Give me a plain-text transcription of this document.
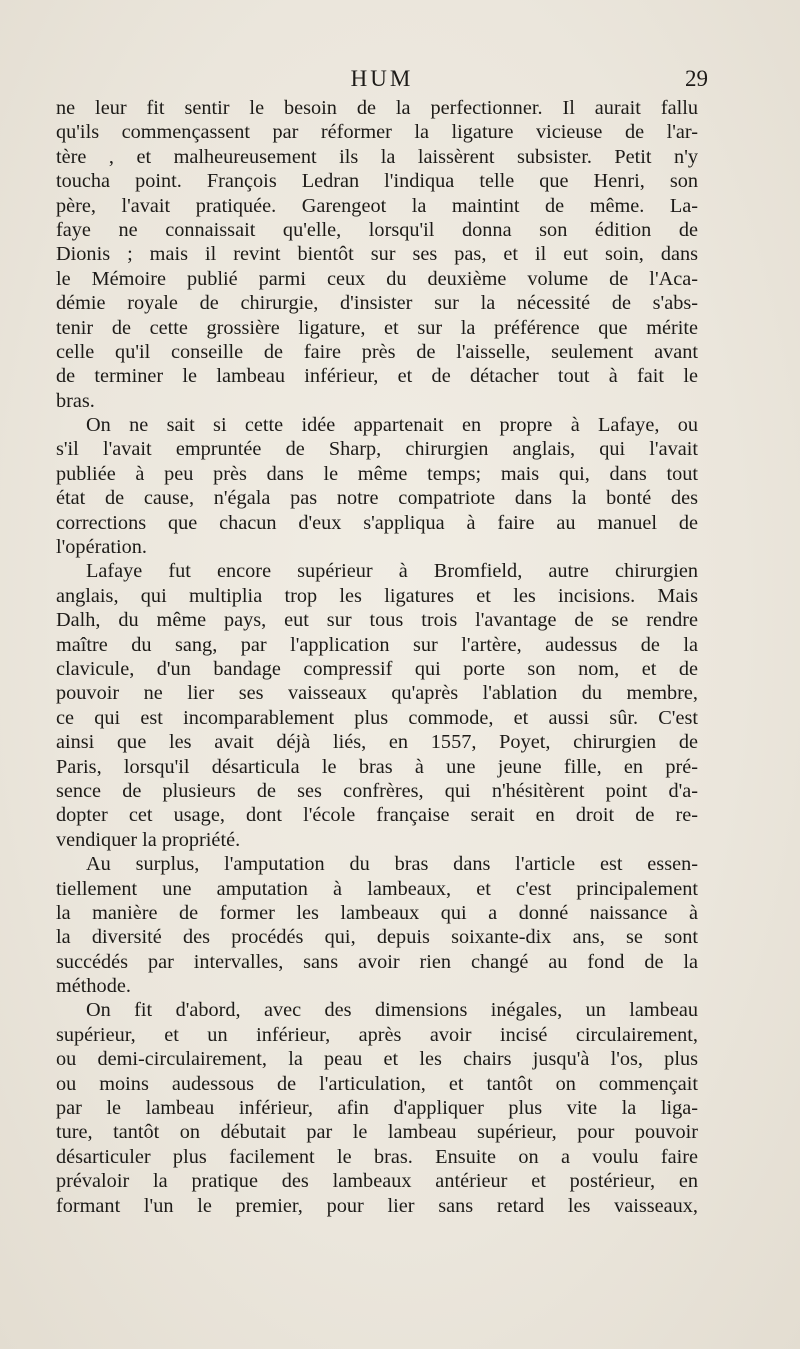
HUM	29
ne leur fit sentir le besoin de la perfectionner. Il aurait fallu
qu'ils commençassent par réformer la ligature vicieuse de l'ar-
tère , et malheureusement ils la laissèrent subsister. Petit n'y
toucha point. François Ledran l'indiqua telle que Henri, son
père, l'avait pratiquée. Garengeot la maintint de même. La-
faye ne connaissait qu'elle, lorsqu'il donna son édition de
Dionis ; mais il revint bientôt sur ses pas, et il eut soin, dans
le Mémoire publié parmi ceux du deuxième volume de l'Aca-
démie royale de chirurgie, d'insister sur la nécessité de s'abs-
tenir de cette grossière ligature, et sur la préférence que mérite
celle qu'il conseille de faire près de l'aisselle, seulement avant
de terminer le lambeau inférieur, et de détacher tout à fait le
bras.
On ne sait si cette idée appartenait en propre à Lafaye, ou
s'il l'avait empruntée de Sharp, chirurgien anglais, qui l'avait
publiée à peu près dans le même temps; mais qui, dans tout
état de cause, n'égala pas notre compatriote dans la bonté des
corrections que chacun d'eux s'appliqua à faire au manuel de
l'opération.
Lafaye fut encore supérieur à Bromfield, autre chirurgien
anglais, qui multiplia trop les ligatures et les incisions. Mais
Dalh, du même pays, eut sur tous trois l'avantage de se rendre
maître du sang, par l'application sur l'artère, audessus de la
clavicule, d'un bandage compressif qui porte son nom, et de
pouvoir ne lier ses vaisseaux qu'après l'ablation du membre,
ce qui est incomparablement plus commode, et aussi sûr. C'est
ainsi que les avait déjà liés, en 1557, Poyet, chirurgien de
Paris, lorsqu'il désarticula le bras à une jeune fille, en pré-
sence de plusieurs de ses confrères, qui n'hésitèrent point d'a-
dopter cet usage, dont l'école française serait en droit de re-
vendiquer la propriété.
Au surplus, l'amputation du bras dans l'article est essen-
tiellement une amputation à lambeaux, et c'est principalement
la manière de former les lambeaux qui a donné naissance à
la diversité des procédés qui, depuis soixante-dix ans, se sont
succédés par intervalles, sans avoir rien changé au fond de la
méthode.
On fit d'abord, avec des dimensions inégales, un lambeau
supérieur, et un inférieur, après avoir incisé circulairement,
ou demi-circulairement, la peau et les chairs jusqu'à l'os, plus
ou moins audessous de l'articulation, et tantôt on commençait
par le lambeau inférieur, afin d'appliquer plus vite la liga-
ture, tantôt on débutait par le lambeau supérieur, pour pouvoir
désarticuler plus facilement le bras. Ensuite on a voulu faire
prévaloir la pratique des lambeaux antérieur et postérieur, en
formant l'un le premier, pour lier sans retard les vaisseaux,
